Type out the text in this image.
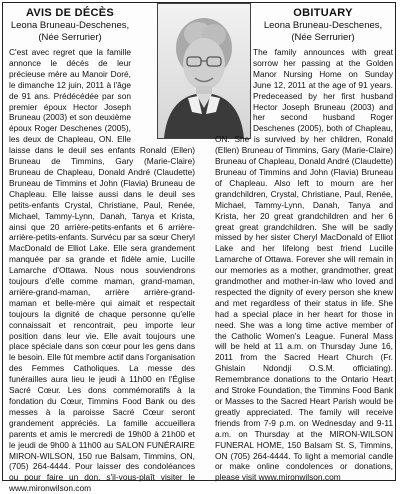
AVIS DE DÉCÈS

Leona Bruneau-Deschenes,

(Née Serrurier)

C'est avec regret que la famille annonce le décès de leur précieuse mère au Manoir Doré, le dimanche 12 juin, 2011 à l'âge de 91 ans. Prédécédée par son premier époux Hector Joseph Bruneau (2003) et son deuxième époux Roger Deschenes (2005), les deux de Chapleau, ON. Elle laisse dans le deuil ses enfants Ronald (Ellen) Bruneau de Timmins, Gary (Marie-Claire) Bruneau de Chapleau, Donald André (Claudette) Bruneau de Timmins et John (Flavia) Bruneau de Chapleau. Elle laisse aussi dans le deuil ses petits-enfants Crystal, Christiane, Paul, Renée, Michael, Tammy-Lynn, Danah, Tanya et Krista, ainsi que 20 arrière-petits-enfants et 6 arrière-arrière-petits-enfants. Survécu par sa sœur Cheryl MacDonald de Elliot Lake. Elle sera grandement manquée par sa grande et fidèle amie, Lucille Lamarche d'Ottawa. Nous nous souviendrons toujours d'elle comme maman, grand-maman, arrière-grand-maman, arrière arrière-grand-maman et belle-mère qui aimait et respectait toujours la dignité de chaque personne qu'elle connaissait et rencontrait, peu importe leur position dans leur vie. Elle avait toujours une place spéciale dans son cœur pour les gens dans le besoin. Elle fût membre actif dans l'organisation des Femmes Catholiques. La messe des funérailles aura lieu le jeudi à 11h00 en l'Église Sacré Cœur. Les dons commémoratifs à la fondation du Cœur, Timmins Food Bank ou des messes à la paroisse Sacré Cœur seront grandement appréciés. La famille accueillera parents et amis le mercredi de 19h00 à 21h00 et le jeudi de 9h00 à 11h00 au SALON FUNÉRAIRE MIRON-WILSON, 150 rue Balsam, Timmins, ON, (705) 264-4444. Pour laisser des condoléances ou pour faire un don, s'il-vous-plaît visiter le www.mironwilson.com

OBITUARY

Leona Bruneau-Deschenes,

(Née Serrurier)

The family announces with great sorrow her passing at the Golden Manor Nursing Home on Sunday June 12, 2011 at the age of 91 years. Predeceased by her first husband Hector Joseph Bruneau (2003) and her second husband Roger Deschenes (2005), both of Chapleau, ON. She is survived by her children, Ronald (Ellen) Bruneau of Timmins, Gary (Marie-Claire) Bruneau of Chapleau, Donald André (Claudette) Bruneau of Timmins and John (Flavia) Bruneau of Chapleau. Also left to mourn are her grandchildren, Crystal, Christiane, Paul, Renée, Michael, Tammy-Lynn, Danah, Tanya and Krista, her 20 great grandchildren and her 6 great great grandchildren. She will be sadly missed by her sister Cheryl MacDonald of Elliot Lake and her lifelong best friend Lucille Lamarche of Ottawa. Forever she will remain in our memories as a mother, grandmother, great grandmother and mother-in-law who loved and respected the dignity of every person she knew and met regardless of their status in life. She had a special place in her heart for those in need. She was a long time active member of the Catholic Women's League. Funeral Mass will be held at 11 a.m. on Thursday June 16, 2011 from the Sacred Heart Church (Fr. Ghislain Ndondji O.S.M. officiating). Remembrance donations to the Ontario Heart and Stroke Foundation, the Timmins Food Bank or Masses to the Sacred Heart Parish would be greatly appreciated. The family will receive friends from 7-9 p.m. on Wednesday and 9-11 a.m. on Thursday at the MIRON-WILSON FUNERAL HOME, 150 Balsam St. S, Timmins, ON (705) 264-4444. To light a memorial candle or make online condolences or donations, please visit www.mironwilson.com
